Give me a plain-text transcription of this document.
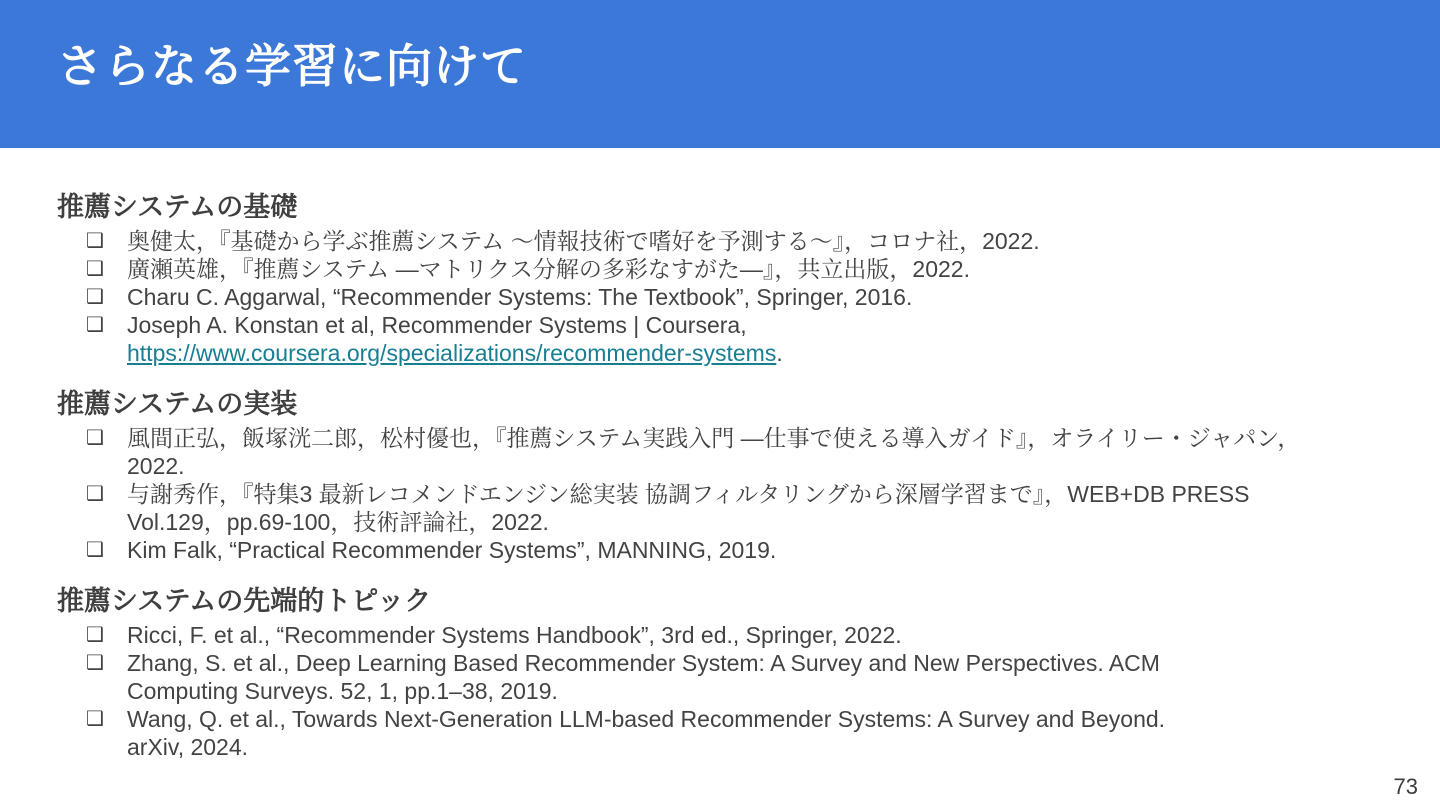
さらなる学習に向けて
推薦システムの基礎
❑	奥健太，『基礎から学ぶ推薦システム ～情報技術で嗜好を予測する～』，コロナ社，2022.
❑	廣瀬英雄，『推薦システム ―マトリクス分解の多彩なすがた―』，共立出版，2022.
❑	Charu C. Aggarwal, “Recommender Systems: The Textbook”, Springer, 2016.
❑	Joseph A. Konstan et al, Recommender Systems | Coursera,
https://www.coursera.org/specializations/recommender-systems.
推薦システムの実装
❑	風間正弘，飯塚洸二郎，松村優也，『推薦システム実践入門 ―仕事で使える導入ガイド』，オライリー・ジャパン，
2022.
❑	与謝秀作，『特集3 最新レコメンドエンジン総実装 協調フィルタリングから深層学習まで』，WEB+DB PRESS
Vol.129，pp.69-100，技術評論社，2022.
❑	Kim Falk, “Practical Recommender Systems”, MANNING, 2019.
推薦システムの先端的トピック
❑	Ricci, F. et al., “Recommender Systems Handbook”, 3rd ed., Springer, 2022.
❑	Zhang, S. et al., Deep Learning Based Recommender System: A Survey and New Perspectives. ACM
Computing Surveys. 52, 1, pp.1–38, 2019.
❑	Wang, Q. et al., Towards Next-Generation LLM-based Recommender Systems: A Survey and Beyond.
arXiv, 2024.
73
